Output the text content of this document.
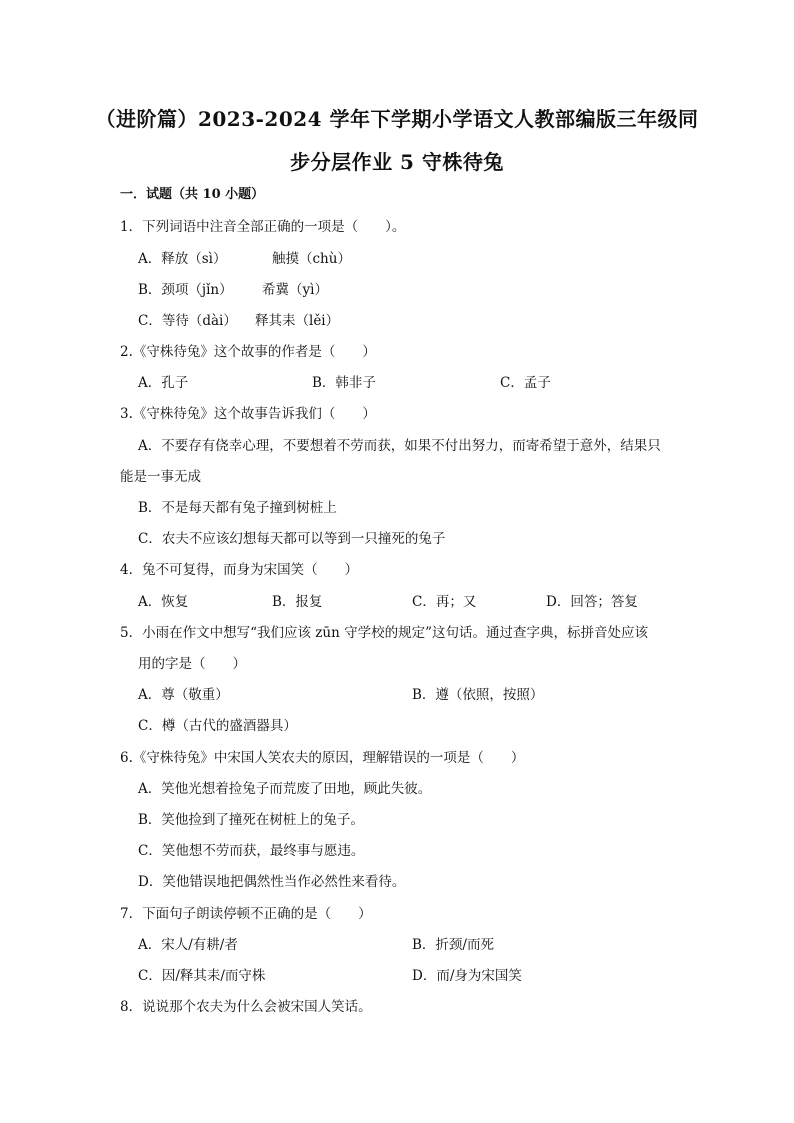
（进阶篇）2023-2024 学年下学期小学语文人教部编版三年级同
步分层作业 5 守株待兔
一．试题（共 10 小题）
1．下列词语中注音全部正确的一项是（　　）。
A．释放（sì）	触摸（chù）
B．颈项（jǐn） 希冀（yì）
C．等待（dài） 释其耒（lěi）
2.《守株待兔》这个故事的作者是（　　）
A．孔子	B．韩非子	C．孟子
3.《守株待兔》这个故事告诉我们（　　）
A．不要存有侥幸心理，不要想着不劳而获，如果不付出努力，而寄希望于意外，结果只
能是一事无成
B．不是每天都有兔子撞到树桩上
C．农夫不应该幻想每天都可以等到一只撞死的兔子
4．兔不可复得，而身为宋国笑（　　）
A．恢复	B．报复	C．再；又	D．回答；答复
5．小雨在作文中想写“我们应该 zūn 守学校的规定”这句话。通过查字典，标拼音处应该
用的字是（　　）
A．尊（敬重）	B．遵（依照，按照）
C．樽（古代的盛酒器具）
6.《守株待兔》中宋国人笑农夫的原因，理解错误的一项是（　　）
A．笑他光想着捡兔子而荒废了田地，顾此失彼。
B．笑他捡到了撞死在树桩上的兔子。
C．笑他想不劳而获，最终事与愿违。
D．笑他错误地把偶然性当作必然性来看待。
7．下面句子朗读停顿不正确的是（　　）
A．宋人/有耕/者	B．折颈/而死
C．因/释其耒/而守株	D．而/身为宋国笑
8．说说那个农夫为什么会被宋国人笑话。
